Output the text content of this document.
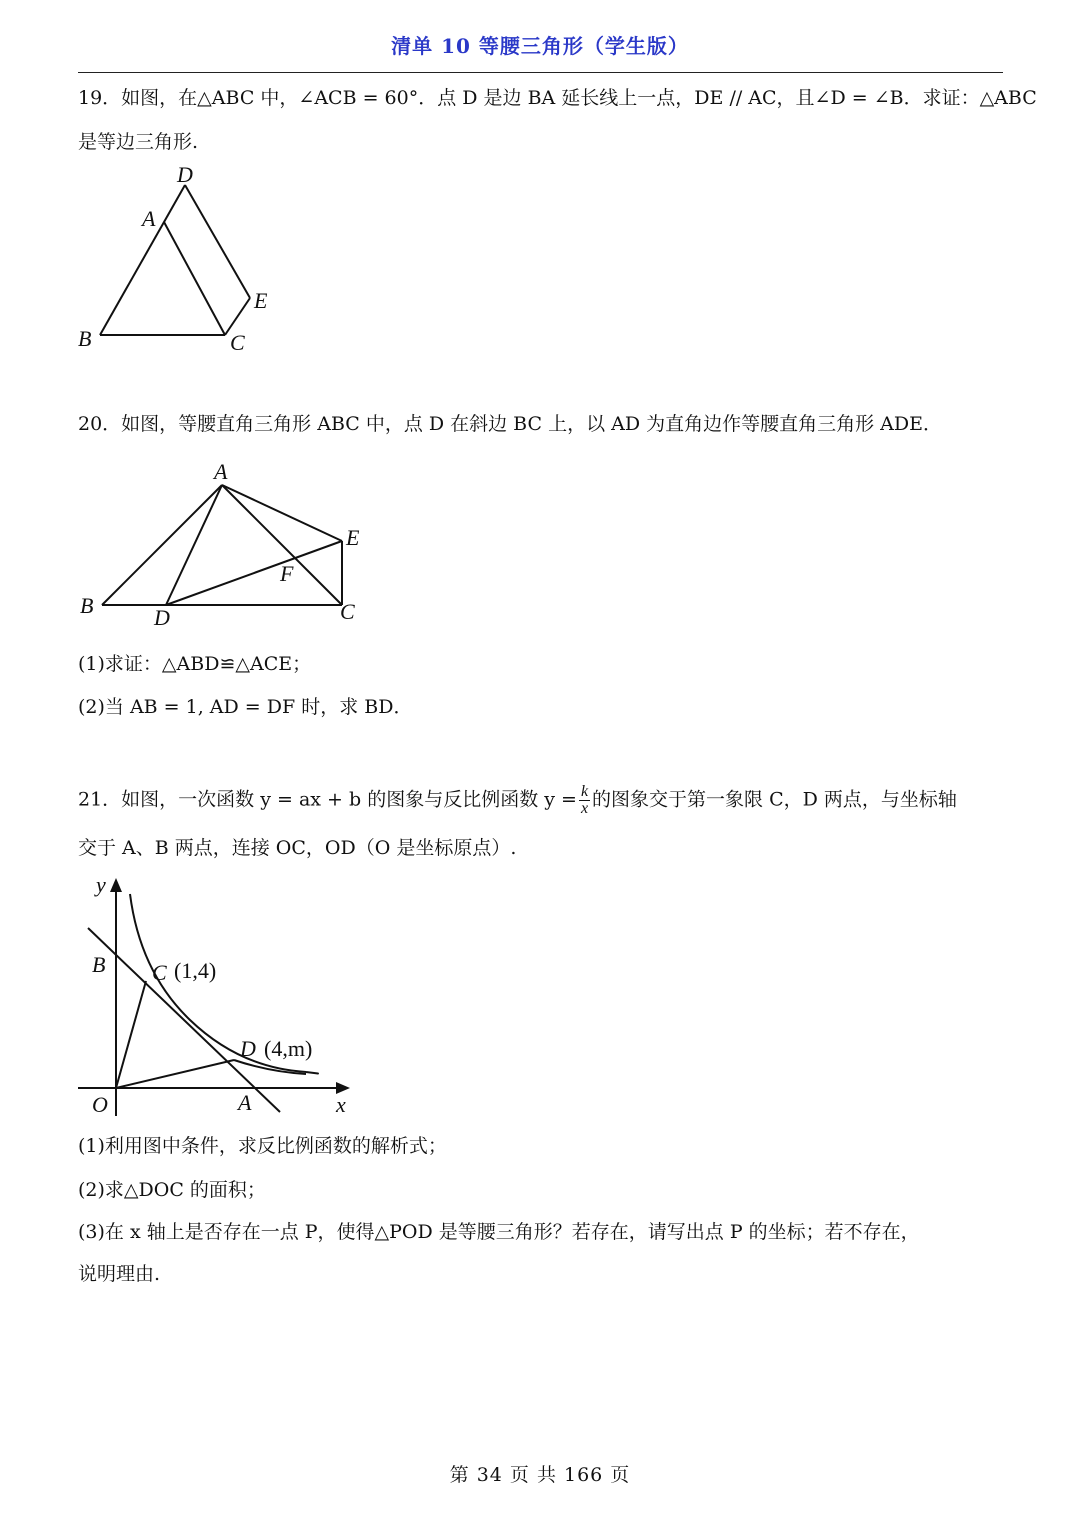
清单 10 等腰三角形（学生版）
19．如图，在△ABC 中，∠ACB = 60°．点 D 是边 BA 延长线上一点，DE // AC，且∠D = ∠B．求证：△ABC
是等边三角形.
D
A
E
B	C
20．如图，等腰直角三角形 ABC 中，点 D 在斜边 BC 上，以 AD 为直角边作等腰直角三角形 ADE．
A
E
F
B	D	C
(1)求证：△ABD≌△ACE；
(2)当 AB = 1, AD = DF 时，求 BD．
21．如图，一次函数 y = ax + b 的图象与反比例函数 $y = \frac{k}{x}$ 的图象交于第一象限 C，D 两点，与坐标轴
交于 A、B 两点，连接 OC，OD（O 是坐标原点）.
y
x
O	A
B C (1,4)
D (4,m)
(1)利用图中条件，求反比例函数的解析式；
(2)求△DOC 的面积；
(3)在 x 轴上是否存在一点 P，使得△POD 是等腰三角形？若存在，请写出点 P 的坐标；若不存在，
说明理由.
第 34 页 共 166 页
